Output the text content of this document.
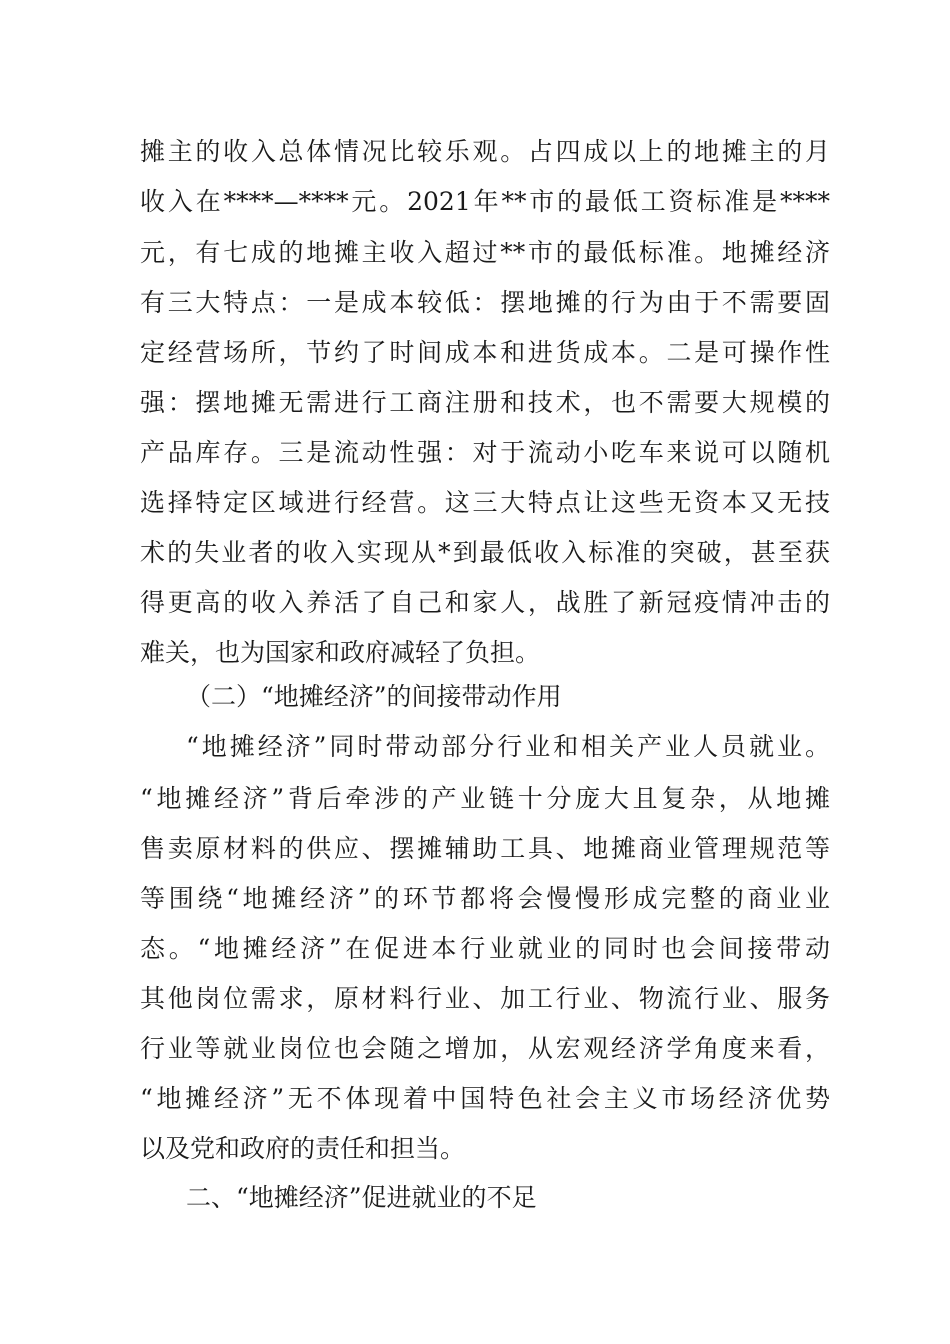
摊主的收入总体情况比较乐观。占四成以上的地摊主的月
收入在****—****元。2021年**市的最低工资标准是****
元，有七成的地摊主收入超过**市的最低标准。地摊经济
有三大特点：一是成本较低：摆地摊的行为由于不需要固
定经营场所，节约了时间成本和进货成本。二是可操作性
强：摆地摊无需进行工商注册和技术，也不需要大规模的
产品库存。三是流动性强：对于流动小吃车来说可以随机
选择特定区域进行经营。这三大特点让这些无资本又无技
术的失业者的收入实现从*到最低收入标准的突破，甚至获
得更高的收入养活了自己和家人，战胜了新冠疫情冲击的
难关，也为国家和政府减轻了负担。
（二）“地摊经济”的间接带动作用
“地摊经济”同时带动部分行业和相关产业人员就业。
“地摊经济”背后牵涉的产业链十分庞大且复杂，从地摊
售卖原材料的供应、摆摊辅助工具、地摊商业管理规范等
等围绕“地摊经济”的环节都将会慢慢形成完整的商业业
态。“地摊经济”在促进本行业就业的同时也会间接带动
其他岗位需求，原材料行业、加工行业、物流行业、服务
行业等就业岗位也会随之增加，从宏观经济学角度来看，
“地摊经济”无不体现着中国特色社会主义市场经济优势
以及党和政府的责任和担当。
二、“地摊经济”促进就业的不足
